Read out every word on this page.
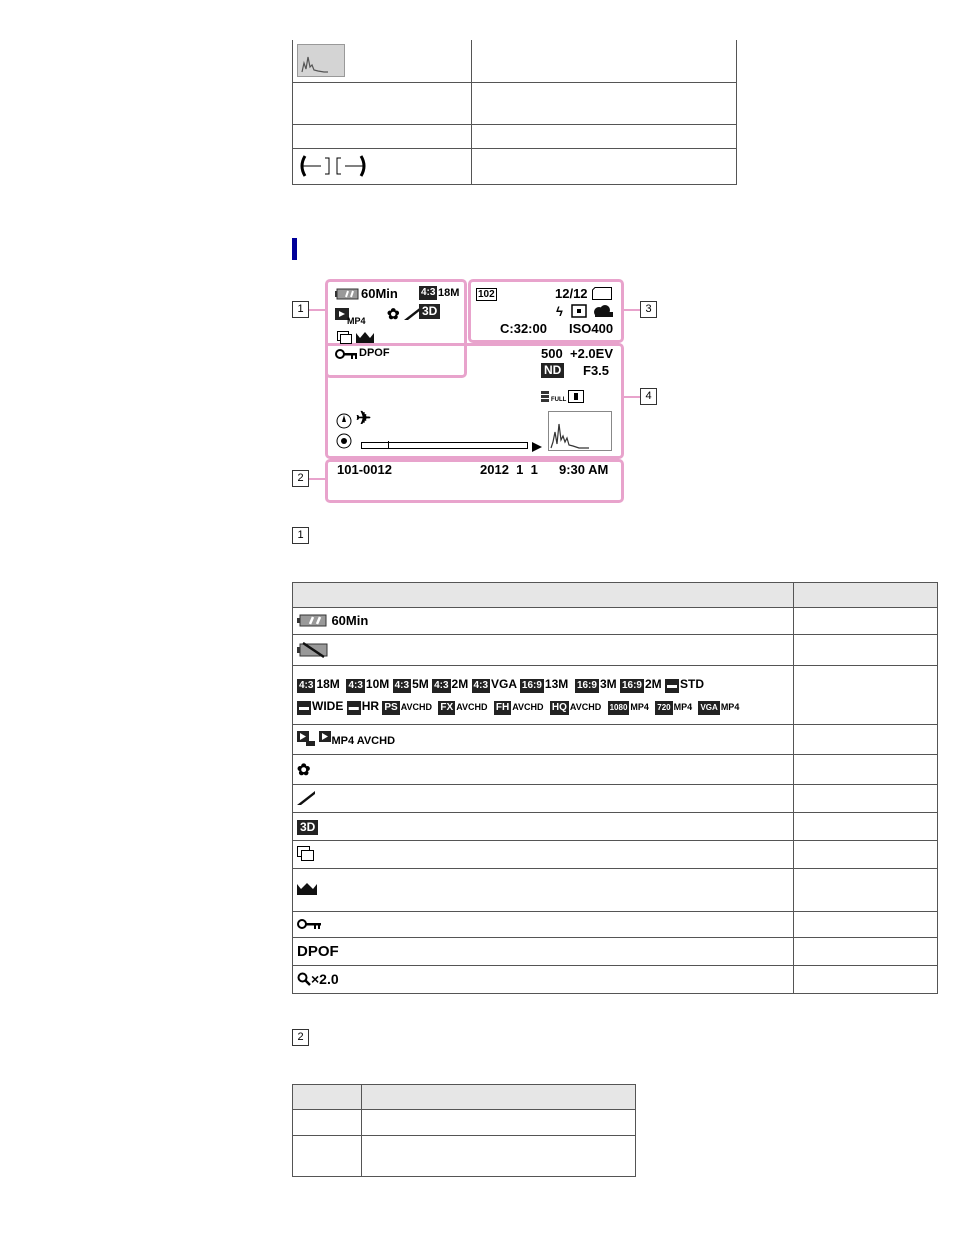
1
2
3
4
60Min 4:3 18M
MP4 ✿ 3D
DPOF
102	12/12
ϟ
C:32:00 ISO400
500 +2.0EV
ND F3.5
FULL
✈
101-0012	2012  1  1 9:30 AM
1

60Min	

4:3 18M 4:3 10M 4:3 5M 4:3 2M 4:3 VGA 16:9 13M 16:9 3M 16:9 2M ▬ STD
▬ WIDE ▬ HR PS AVCHD FX AVCHD FH AVCHD HQ AVCHD 1080 MP4 720 MP4 VGA MP4	

MP4 AVCHD	
✿	

3D	

DPOF	
×2.0	
2
